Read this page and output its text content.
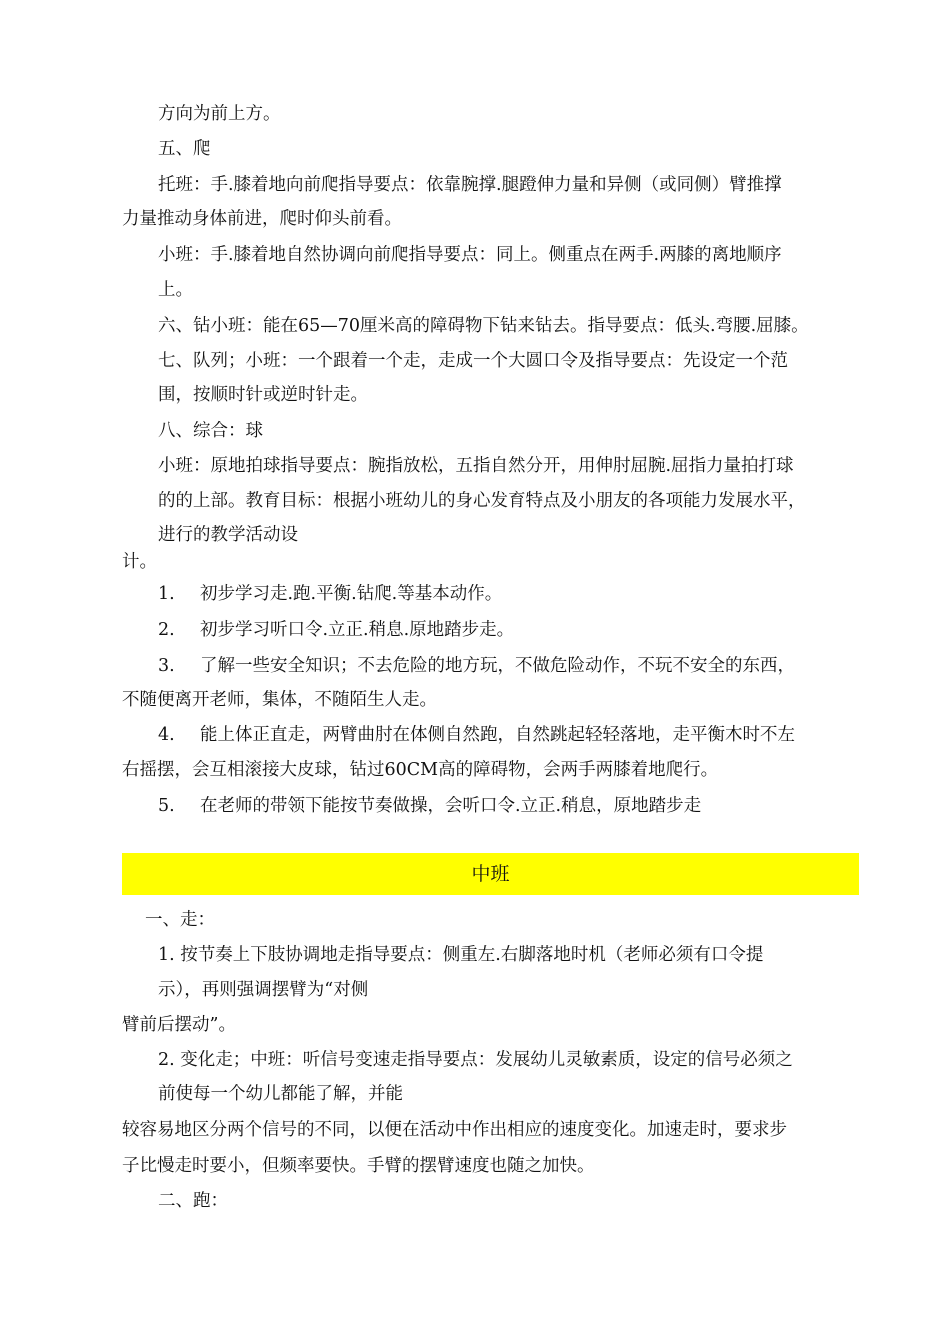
方向为前上方。
五、爬
托班：手.膝着地向前爬指导要点：依靠腕撑.腿蹬伸力量和异侧（或同侧）臂推撑
力量推动身体前进，爬时仰头前看。
小班：手.膝着地自然协调向前爬指导要点：同上。侧重点在两手.两膝的离地顺序
上。
六、钻小班：能在65—70厘米高的障碍物下钻来钻去。指导要点：低头.弯腰.屈膝。
七、队列；小班：一个跟着一个走，走成一个大圆口令及指导要点：先设定一个范
围，按顺时针或逆时针走。
八、综合：球
小班：原地拍球指导要点：腕指放松，五指自然分开，用伸肘屈腕.屈指力量拍打球
的的上部。教育目标：根据小班幼儿的身心发育特点及小朋友的各项能力发展水平，
进行的教学活动设
计。
1. 初步学习走.跑.平衡.钻爬.等基本动作。
2. 初步学习听口令.立正.稍息.原地踏步走。
3. 了解一些安全知识；不去危险的地方玩，不做危险动作，不玩不安全的东西，
不随便离开老师，集体，不随陌生人走。
4. 能上体正直走，两臂曲肘在体侧自然跑，自然跳起轻轻落地，走平衡木时不左
右摇摆，会互相滚接大皮球，钻过60CM高的障碍物，会两手两膝着地爬行。
5. 在老师的带领下能按节奏做操，会听口令.立正.稍息，原地踏步走
中班
一、走：
1. 按节奏上下肢协调地走指导要点：侧重左.右脚落地时机（老师必须有口令提
示），再则强调摆臂为“对侧
臂前后摆动”。
2. 变化走；中班：听信号变速走指导要点：发展幼儿灵敏素质，设定的信号必须之
前使每一个幼儿都能了解，并能
较容易地区分两个信号的不同，以便在活动中作出相应的速度变化。加速走时，要求步
子比慢走时要小，但频率要快。手臂的摆臂速度也随之加快。
二、跑：
